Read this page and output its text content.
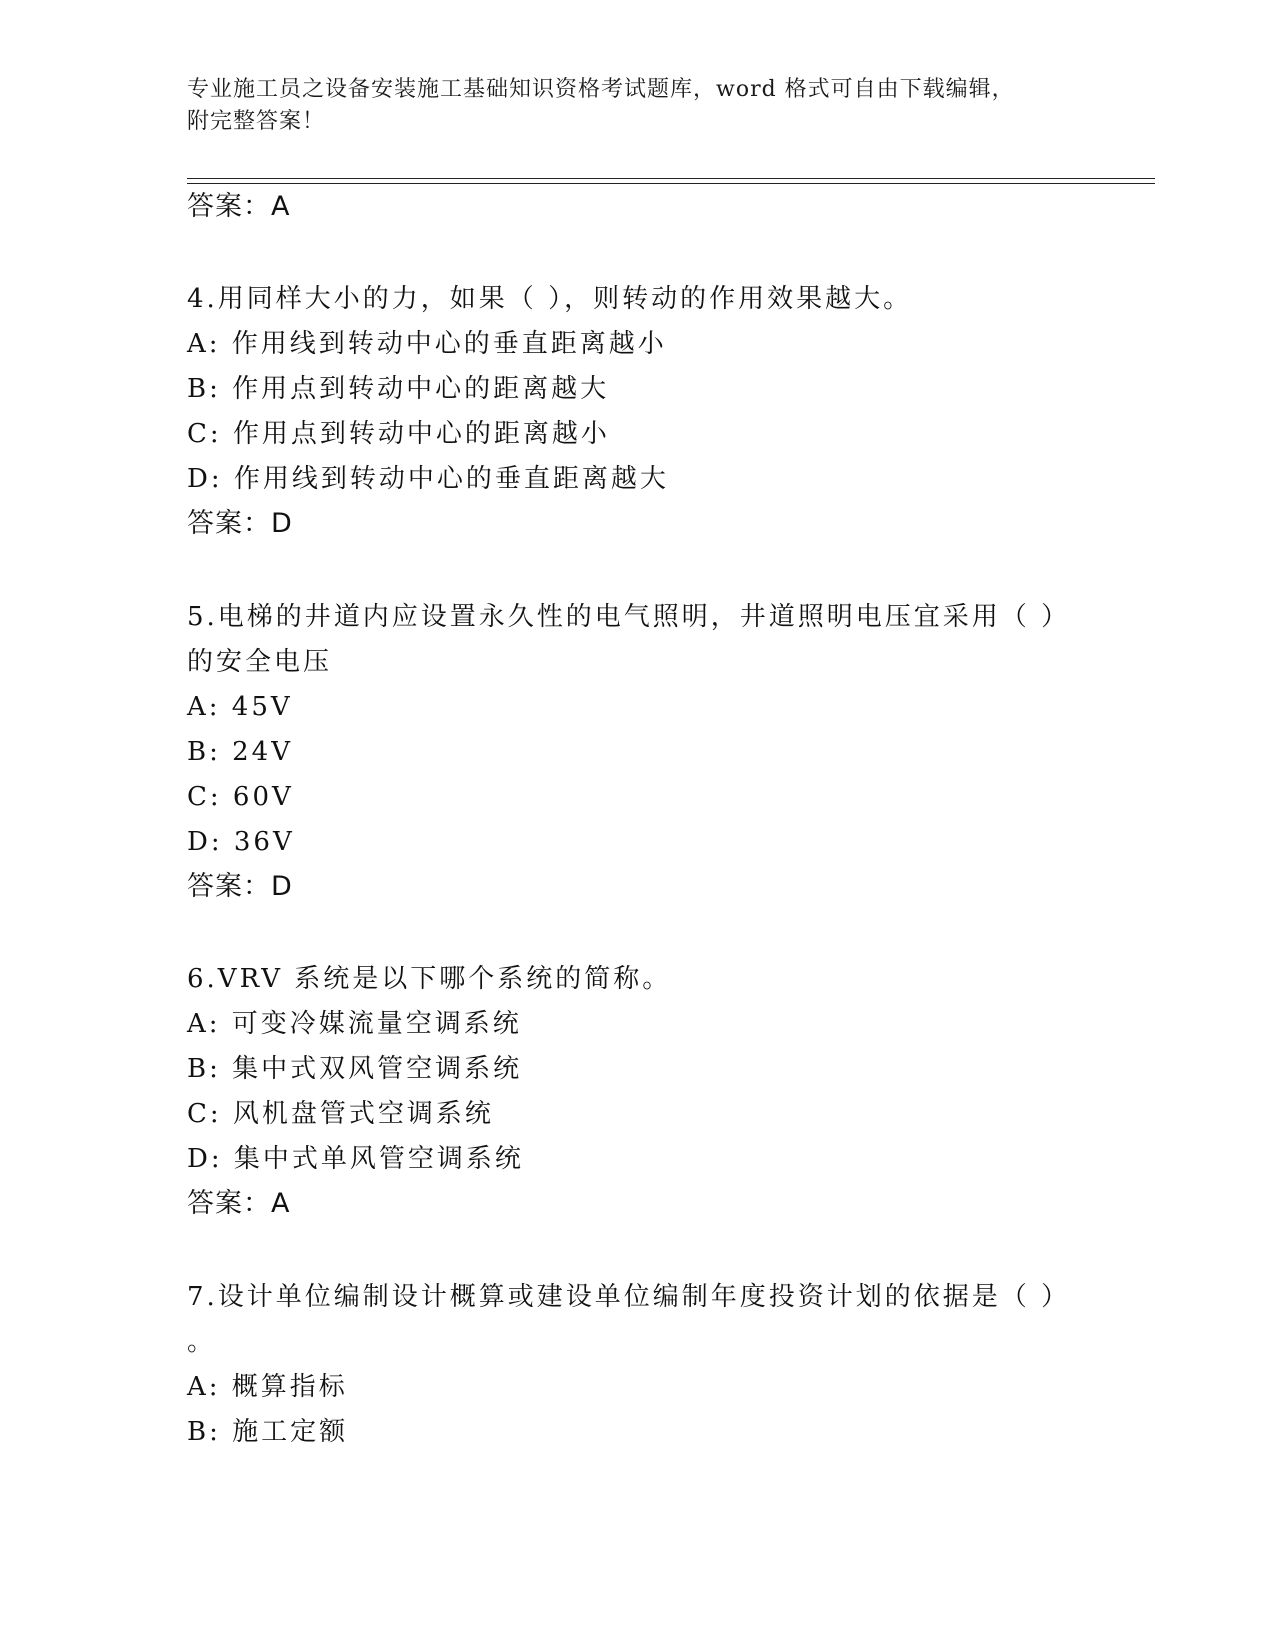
专业施工员之设备安装施工基础知识资格考试题库，word 格式可自由下载编辑，
附完整答案！
答案：A
4.用同样大小的力，如果（ ），则转动的作用效果越大。
A: 作用线到转动中心的垂直距离越小
B: 作用点到转动中心的距离越大
C: 作用点到转动中心的距离越小
D: 作用线到转动中心的垂直距离越大
答案：D
5.电梯的井道内应设置永久性的电气照明，井道照明电压宜采用（ ）
的安全电压
A: 45V
B: 24V
C: 60V
D: 36V
答案：D
6.VRV 系统是以下哪个系统的简称。
A: 可变冷媒流量空调系统
B: 集中式双风管空调系统
C: 风机盘管式空调系统
D: 集中式单风管空调系统
答案：A
7.设计单位编制设计概算或建设单位编制年度投资计划的依据是（ ）
。
A: 概算指标
B: 施工定额
